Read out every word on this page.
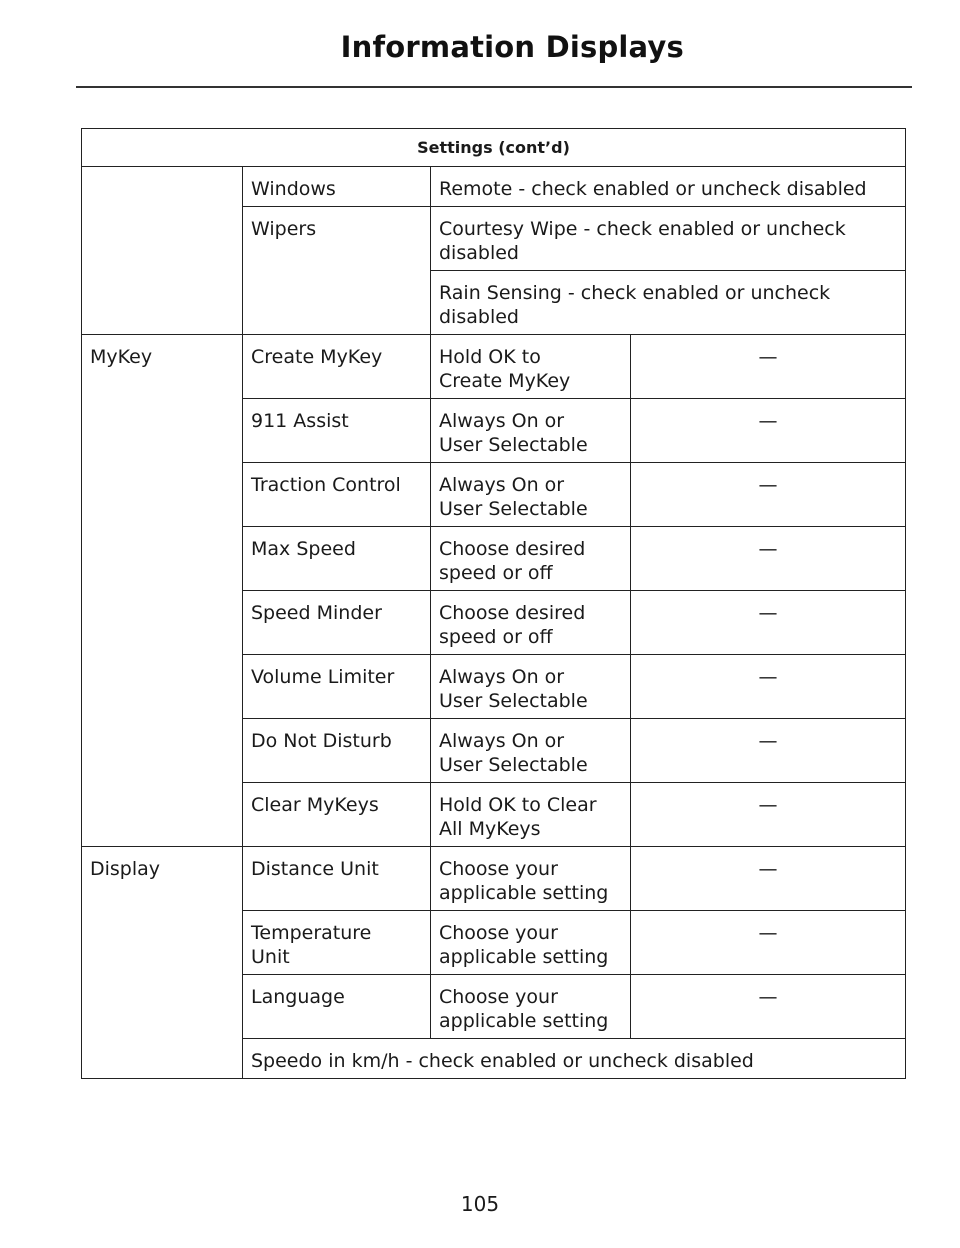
Information Displays
Settings (cont’d)			
	Windows	Remote - check enabled or uncheck disabled	
	Wipers	Courtesy Wipe - check enabled or uncheck
disabled	
		Rain Sensing - check enabled or uncheck
disabled	
MyKey	Create MyKey	Hold OK to
Create MyKey	—
	911 Assist	Always On or
User Selectable	—
	Traction Control	Always On or
User Selectable	—
	Max Speed	Choose desired
speed or off	—
	Speed Minder	Choose desired
speed or off	—
	Volume Limiter	Always On or
User Selectable	—
	Do Not Disturb	Always On or
User Selectable	—
	Clear MyKeys	Hold OK to Clear
All MyKeys	—
Display	Distance Unit	Choose your
applicable setting	—
	Temperature
Unit	Choose your
applicable setting	—
	Language	Choose your
applicable setting	—
	Speedo in km/h - check enabled or uncheck disabled		
105
